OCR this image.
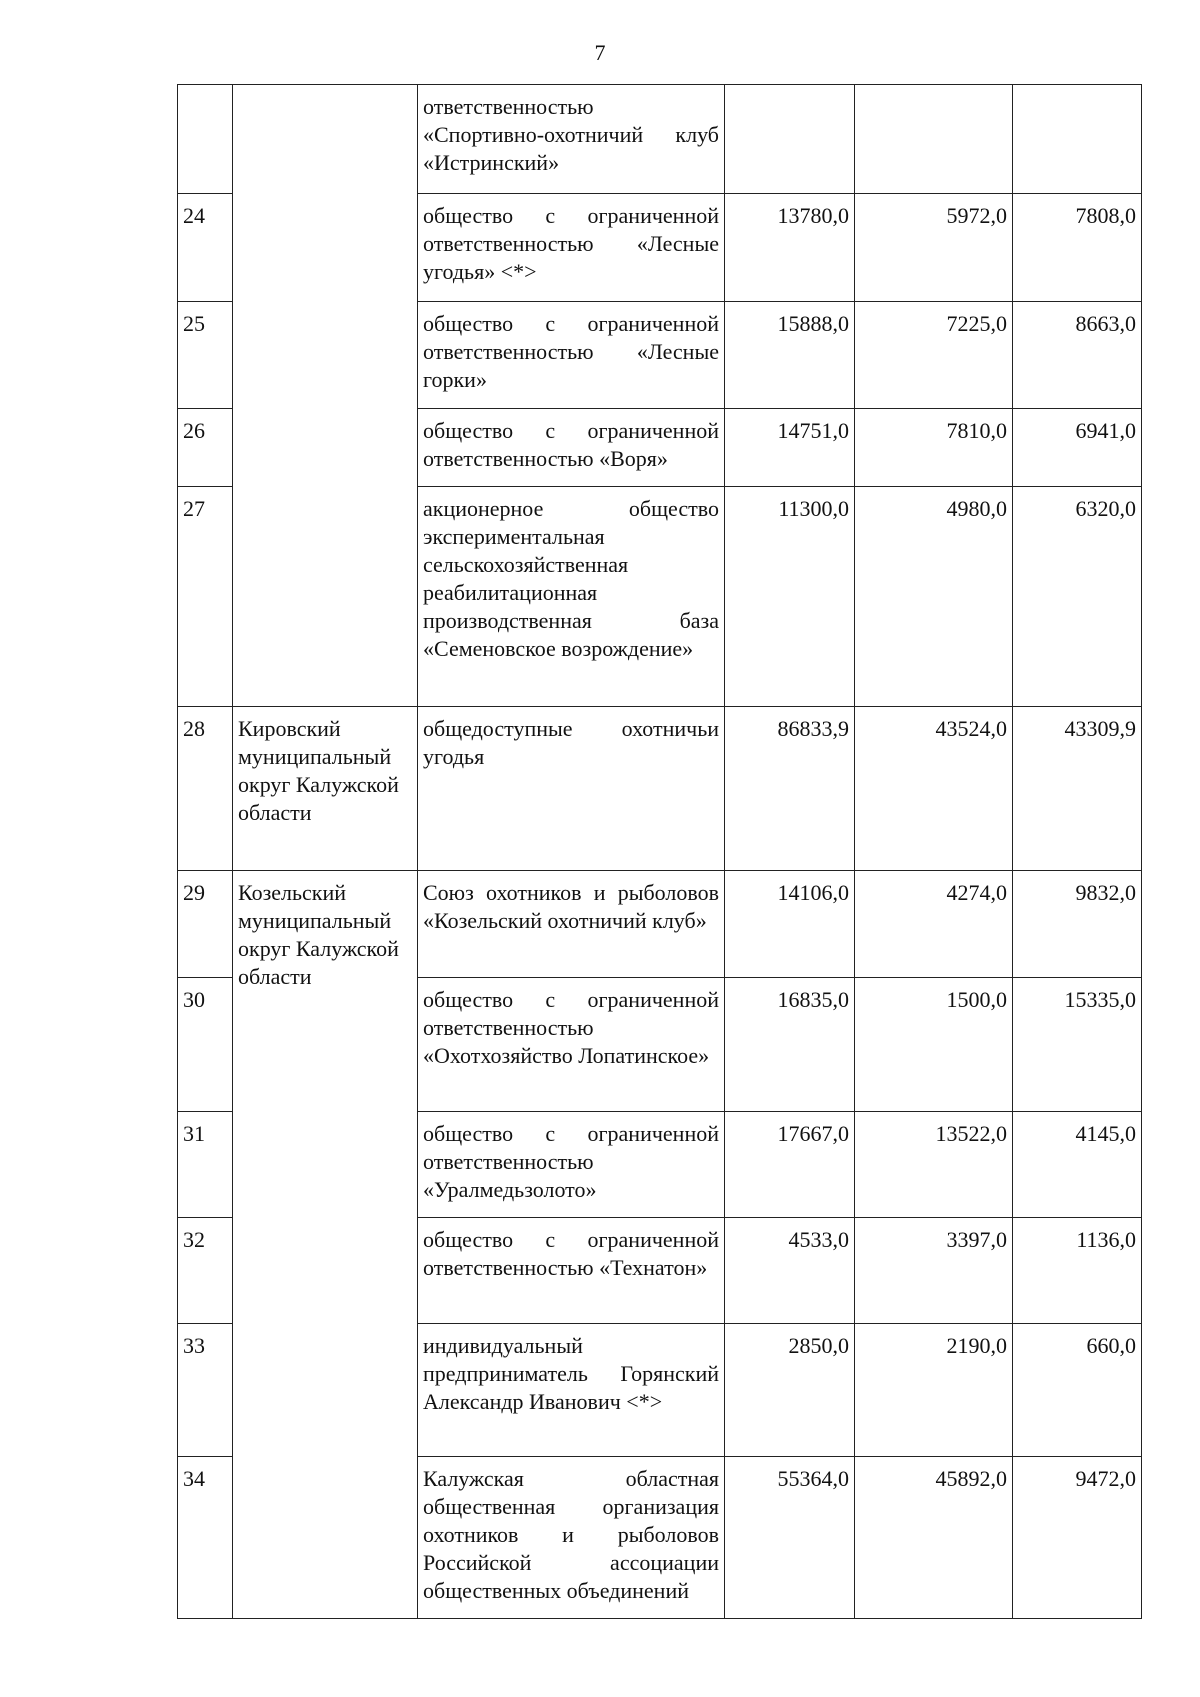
7
		ответственностью «Спортивно-охотничий клуб «Истринский»			
24		общество с ограниченной ответственностью «Лесные угодья» <*>	13780,0	5972,0	7808,0
25		общество с ограниченной ответственностью «Лесные горки»	15888,0	7225,0	8663,0
26		общество с ограниченной ответственностью «Воря»	14751,0	7810,0	6941,0
27		акционерное общество экспериментальная сельскохозяйственная реабилитационная производственная база «Семеновское возрождение»	11300,0	4980,0	6320,0
28	Кировский муниципальный округ Калужской области	общедоступные охотничьи угодья	86833,9	43524,0	43309,9
29	Козельский муниципальный округ Калужской области	Союз охотников и рыболовов «Козельский охотничий клуб»	14106,0	4274,0	9832,0
30		общество с ограниченной ответственностью «Охотхозяйство Лопатинское»	16835,0	1500,0	15335,0
31		общество с ограниченной ответственностью «Уралмедьзолото»	17667,0	13522,0	4145,0
32		общество с ограниченной ответственностью «Технатон»	4533,0	3397,0	1136,0
33		индивидуальный предприниматель Горянский Александр Иванович <*>	2850,0	2190,0	660,0
34		Калужская областная общественная организация охотников и рыболовов Российской ассоциации общественных объединений	55364,0	45892,0	9472,0
